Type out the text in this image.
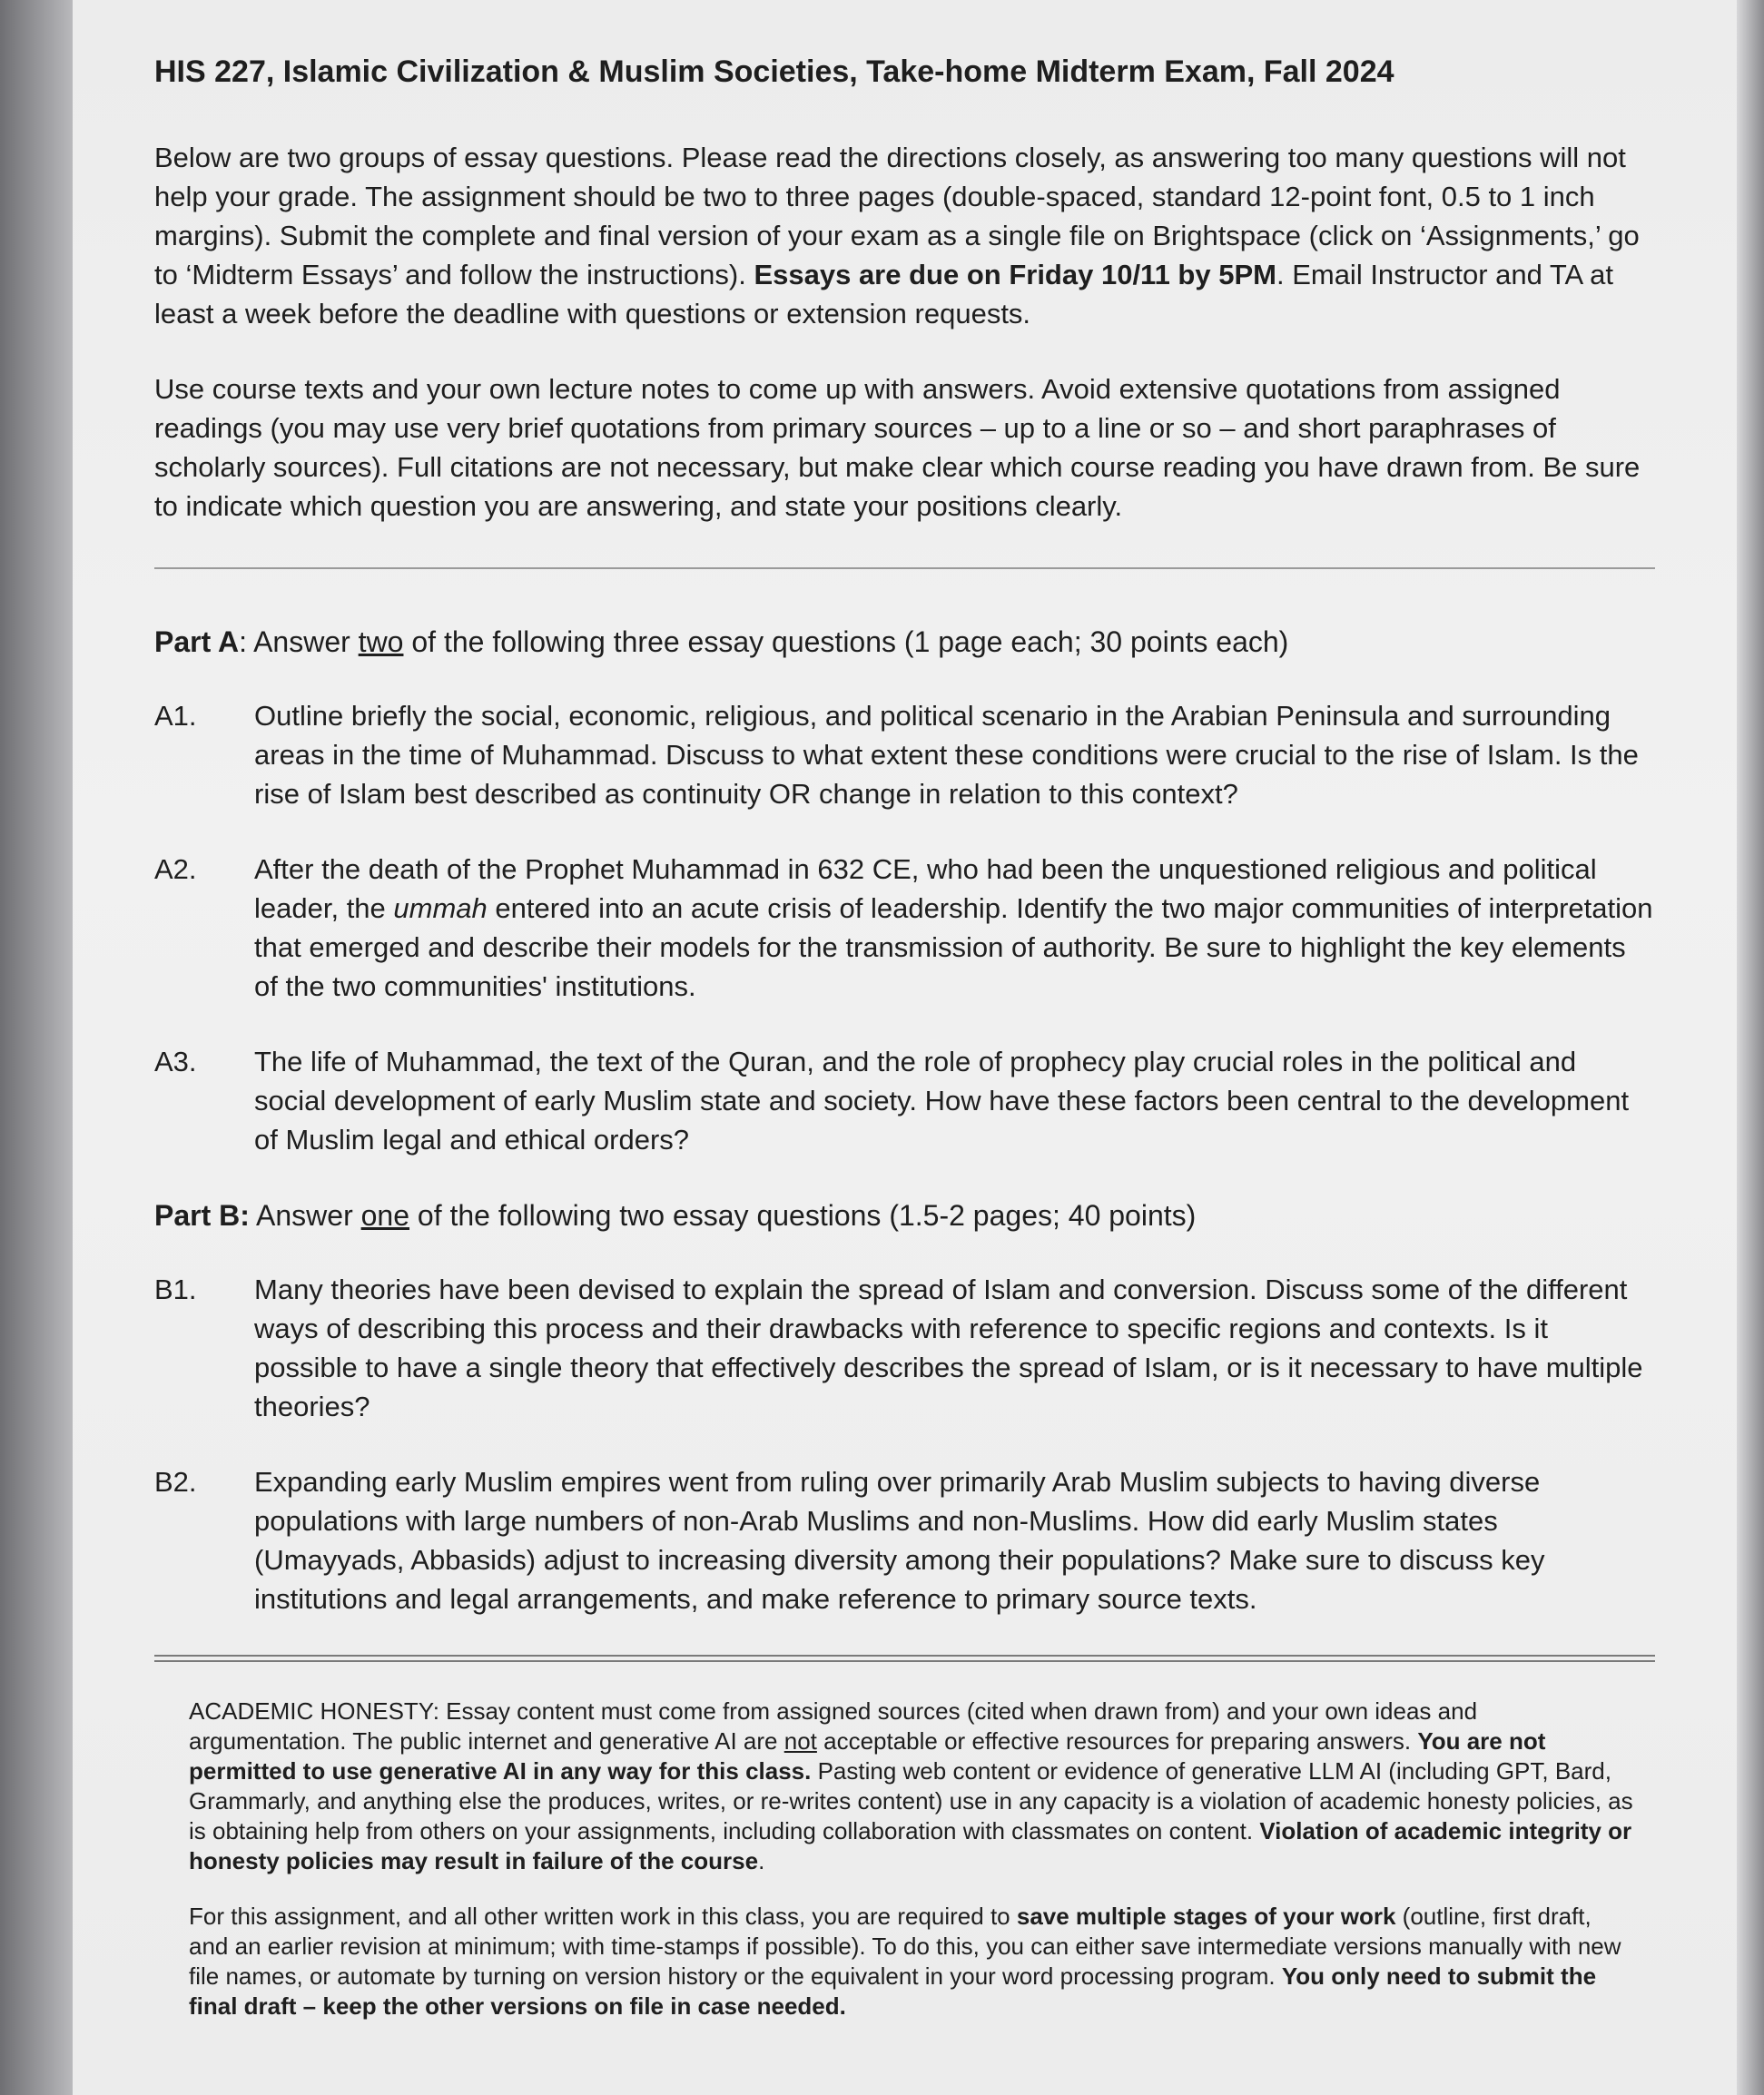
HIS 227, Islamic Civilization & Muslim Societies, Take-home Midterm Exam, Fall 2024

Below are two groups of essay questions. Please read the directions closely, as answering too many questions will not help your grade. The assignment should be two to three pages (double-spaced, standard 12-point font, 0.5 to 1 inch margins). Submit the complete and final version of your exam as a single file on Brightspace (click on ‘Assignments,’ go to ‘Midterm Essays’ and follow the instructions). Essays are due on Friday 10/11 by 5PM. Email Instructor and TA at least a week before the deadline with questions or extension requests.

Use course texts and your own lecture notes to come up with answers. Avoid extensive quotations from assigned readings (you may use very brief quotations from primary sources – up to a line or so – and short paraphrases of scholarly sources). Full citations are not necessary, but make clear which course reading you have drawn from. Be sure to indicate which question you are answering, and state your positions clearly.

Part A: Answer two of the following three essay questions (1 page each; 30 points each)
A1.	Outline briefly the social, economic, religious, and political scenario in the Arabian Peninsula and surrounding areas in the time of Muhammad. Discuss to what extent these conditions were crucial to the rise of Islam. Is the rise of Islam best described as continuity OR change in relation to this context?
A2.	After the death of the Prophet Muhammad in 632 CE, who had been the unquestioned religious and political leader, the ummah entered into an acute crisis of leadership. Identify the two major communities of interpretation that emerged and describe their models for the transmission of authority. Be sure to highlight the key elements of the two communities' institutions.
A3.	The life of Muhammad, the text of the Quran, and the role of prophecy play crucial roles in the political and social development of early Muslim state and society. How have these factors been central to the development of Muslim legal and ethical orders?
Part B: Answer one of the following two essay questions (1.5-2 pages; 40 points)
B1.	Many theories have been devised to explain the spread of Islam and conversion. Discuss some of the different ways of describing this process and their drawbacks with reference to specific regions and contexts. Is it possible to have a single theory that effectively describes the spread of Islam, or is it necessary to have multiple theories?
B2.	Expanding early Muslim empires went from ruling over primarily Arab Muslim subjects to having diverse populations with large numbers of non-Arab Muslims and non-Muslims. How did early Muslim states (Umayyads, Abbasids) adjust to increasing diversity among their populations? Make sure to discuss key institutions and legal arrangements, and make reference to primary source texts.

ACADEMIC HONESTY: Essay content must come from assigned sources (cited when drawn from) and your own ideas and argumentation. The public internet and generative AI are not acceptable or effective resources for preparing answers. You are not permitted to use generative AI in any way for this class. Pasting web content or evidence of generative LLM AI (including GPT, Bard, Grammarly, and anything else the produces, writes, or re-writes content) use in any capacity is a violation of academic honesty policies, as is obtaining help from others on your assignments, including collaboration with classmates on content. Violation of academic integrity or honesty policies may result in failure of the course.

For this assignment, and all other written work in this class, you are required to save multiple stages of your work (outline, first draft, and an earlier revision at minimum; with time-stamps if possible). To do this, you can either save intermediate versions manually with new file names, or automate by turning on version history or the equivalent in your word processing program. You only need to submit the final draft – keep the other versions on file in case needed.
